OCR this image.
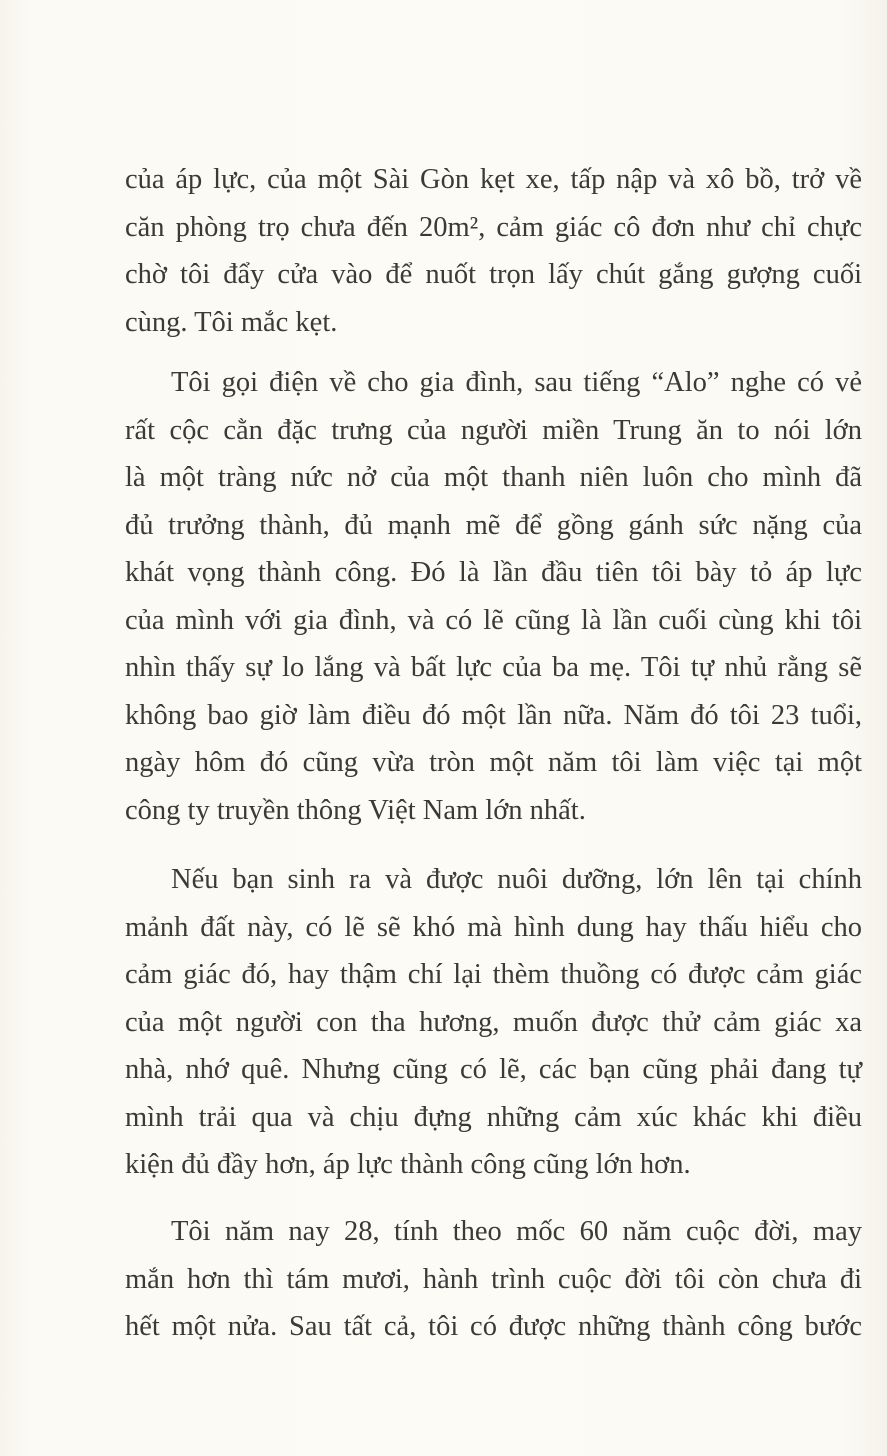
của áp lực, của một Sài Gòn kẹt xe, tấp nập và xô bồ, trở về
căn phòng trọ chưa đến 20m², cảm giác cô đơn như chỉ chực
chờ tôi đẩy cửa vào để nuốt trọn lấy chút gắng gượng cuối
cùng. Tôi mắc kẹt.
Tôi gọi điện về cho gia đình, sau tiếng “Alo” nghe có vẻ
rất cộc cằn đặc trưng của người miền Trung ăn to nói lớn
là một tràng nức nở của một thanh niên luôn cho mình đã
đủ trưởng thành, đủ mạnh mẽ để gồng gánh sức nặng của
khát vọng thành công. Đó là lần đầu tiên tôi bày tỏ áp lực
của mình với gia đình, và có lẽ cũng là lần cuối cùng khi tôi
nhìn thấy sự lo lắng và bất lực của ba mẹ. Tôi tự nhủ rằng sẽ
không bao giờ làm điều đó một lần nữa. Năm đó tôi 23 tuổi,
ngày hôm đó cũng vừa tròn một năm tôi làm việc tại một
công ty truyền thông Việt Nam lớn nhất.
Nếu bạn sinh ra và được nuôi dưỡng, lớn lên tại chính
mảnh đất này, có lẽ sẽ khó mà hình dung hay thấu hiểu cho
cảm giác đó, hay thậm chí lại thèm thuồng có được cảm giác
của một người con tha hương, muốn được thử cảm giác xa
nhà, nhớ quê. Nhưng cũng có lẽ, các bạn cũng phải đang tự
mình trải qua và chịu đựng những cảm xúc khác khi điều
kiện đủ đầy hơn, áp lực thành công cũng lớn hơn.
Tôi năm nay 28, tính theo mốc 60 năm cuộc đời, may
mắn hơn thì tám mươi, hành trình cuộc đời tôi còn chưa đi
hết một nửa. Sau tất cả, tôi có được những thành công bước
